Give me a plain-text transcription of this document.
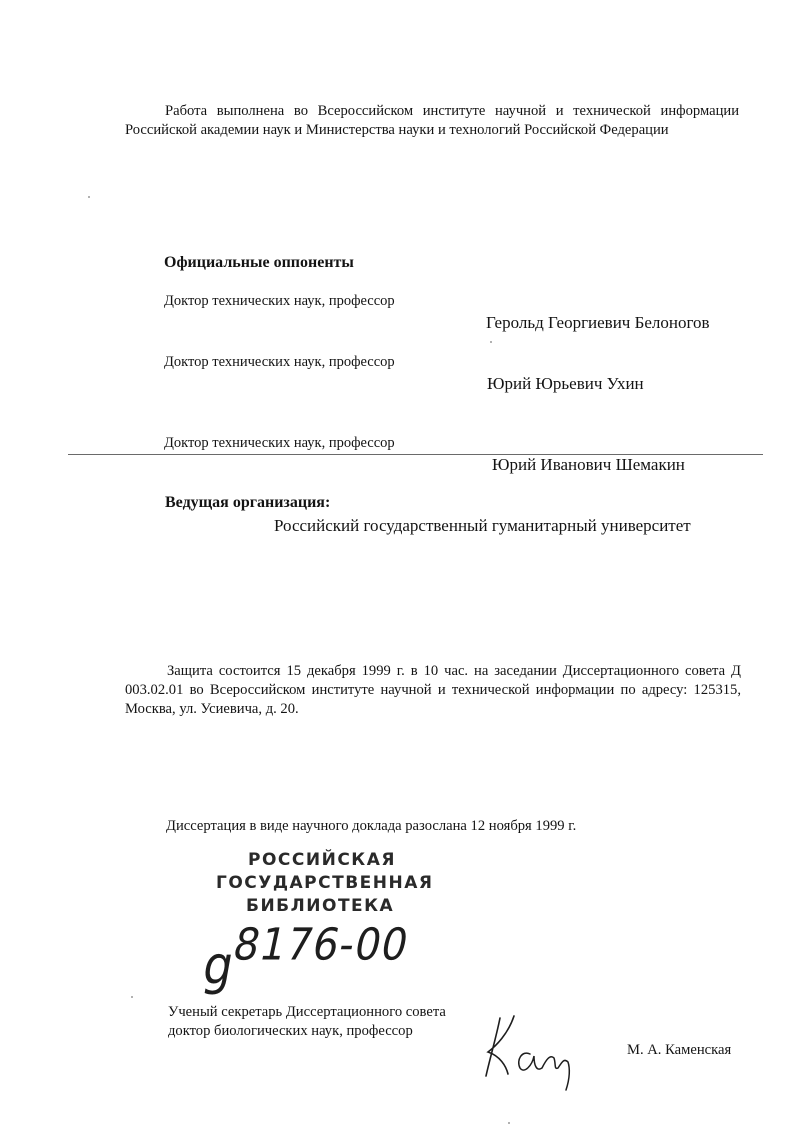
Работа выполнена во Всероссийском институте научной и технической информации Российской академии наук и Министерства науки и технологий Российской Федерации
Официальные оппоненты
Доктор технических наук, профессор
Герольд Георгиевич Белоногов
Доктор технических наук, профессор
Юрий Юрьевич Ухин
Доктор технических наук, профессор
Юрий Иванович Шемакин
Ведущая организация:
Российский государственный гуманитарный университет
Защита состоится 15 декабря 1999 г. в 10 час. на заседании Диссертационного совета Д 003.02.01 во Всероссийском институте научной и технической информации по адресу: 125315, Москва, ул. Усиевича, д. 20.
Диссертация в виде научного доклада разослана 12 ноября 1999 г.
РОССИЙСКАЯ
ГОСУДАРСТВЕННАЯ
БИБЛИОТЕКА
g
8176-00
Ученый секретарь Диссертационного совета
доктор биологических наук, профессор
М. А. Каменская
